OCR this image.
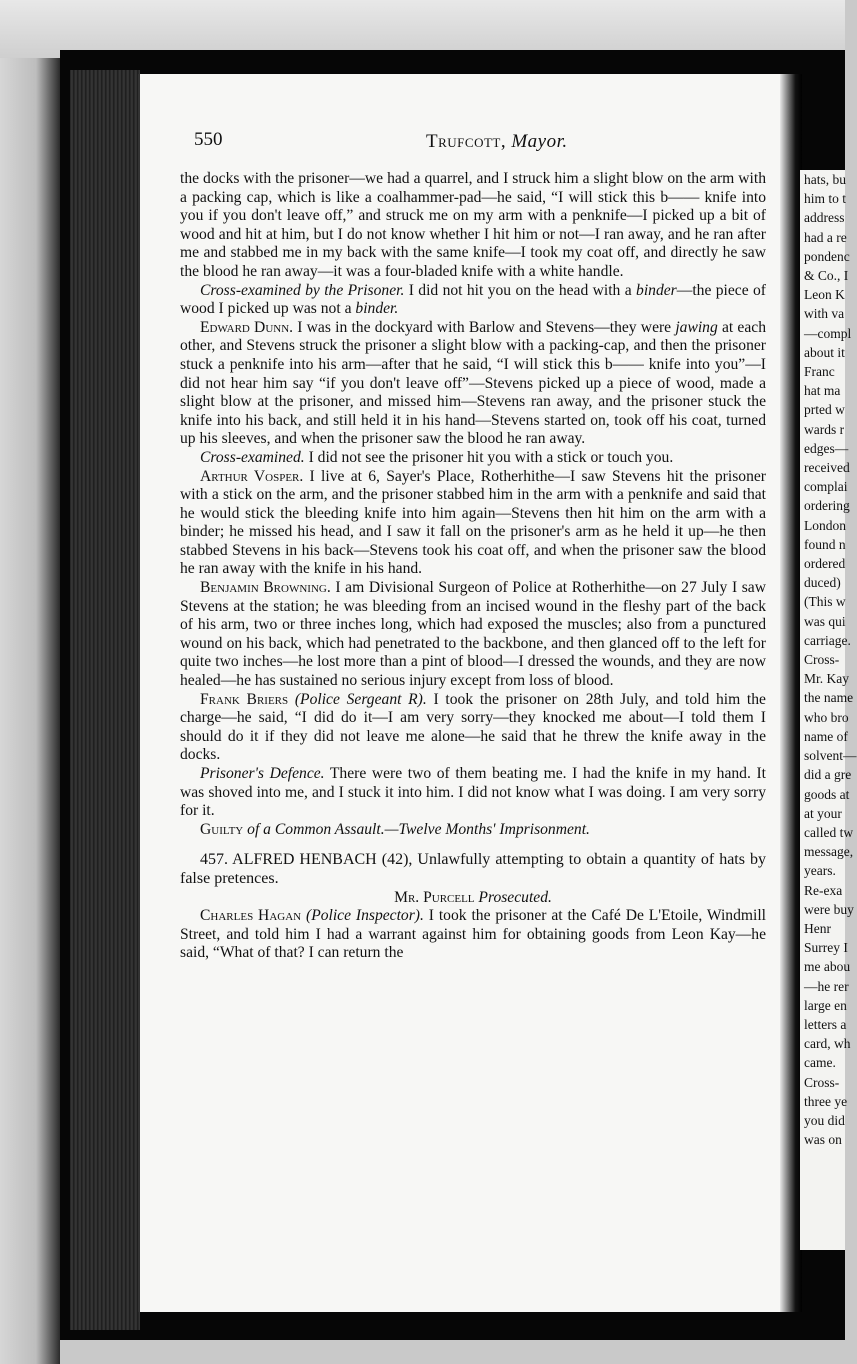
hats, bu
him to t
address
had a re
pondenc
& Co., I
Leon K
with va
—compl
about it
Franc
hat ma
prted w
wards r
edges—
received
complai
ordering
London
found n
ordered
duced)
(This w
was qui
carriage.
Cross-
Mr. Kay
the name
who bro
name of
solvent—
did a gre
goods at
at your
called tw
message,
years.
Re-exa
were buy
Henr
Surrey I
me abou
—he rer
large en
letters a
card, wh
came.
Cross-
three ye
you did
was on
550	Trufcott, Mayor.

the docks with the prisoner—we had a quarrel, and I struck him a slight blow on the arm with a packing cap, which is like a coalhammer-pad—he said, “I will stick this b—— knife into you if you don't leave off,” and struck me on my arm with a penknife—I picked up a bit of wood and hit at him, but I do not know whether I hit him or not—I ran away, and he ran after me and stabbed me in my back with the same knife—I took my coat off, and directly he saw the blood he ran away—it was a four-bladed knife with a white handle.

Cross-examined by the Prisoner. I did not hit you on the head with a binder—the piece of wood I picked up was not a binder.

Edward Dunn. I was in the dockyard with Barlow and Stevens—they were jawing at each other, and Stevens struck the prisoner a slight blow with a packing-cap, and then the prisoner stuck a penknife into his arm—after that he said, “I will stick this b—— knife into you”—I did not hear him say “if you don't leave off”—Stevens picked up a piece of wood, made a slight blow at the prisoner, and missed him—Stevens ran away, and the prisoner stuck the knife into his back, and still held it in his hand—Stevens started on, took off his coat, turned up his sleeves, and when the prisoner saw the blood he ran away.

Cross-examined. I did not see the prisoner hit you with a stick or touch you.

Arthur Vosper. I live at 6, Sayer's Place, Rotherhithe—I saw Stevens hit the prisoner with a stick on the arm, and the prisoner stabbed him in the arm with a penknife and said that he would stick the bleeding knife into him again—Stevens then hit him on the arm with a binder; he missed his head, and I saw it fall on the prisoner's arm as he held it up—he then stabbed Stevens in his back—Stevens took his coat off, and when the prisoner saw the blood he ran away with the knife in his hand.

Benjamin Browning. I am Divisional Surgeon of Police at Rotherhithe—on 27 July I saw Stevens at the station; he was bleeding from an incised wound in the fleshy part of the back of his arm, two or three inches long, which had exposed the muscles; also from a punctured wound on his back, which had penetrated to the backbone, and then glanced off to the left for quite two inches—he lost more than a pint of blood—I dressed the wounds, and they are now healed—he has sustained no serious injury except from loss of blood.

Frank Briers (Police Sergeant R). I took the prisoner on 28th July, and told him the charge—he said, “I did do it—I am very sorry—they knocked me about—I told them I should do it if they did not leave me alone—he said that he threw the knife away in the docks.

Prisoner's Defence. There were two of them beating me. I had the knife in my hand. It was shoved into me, and I stuck it into him. I did not know what I was doing. I am very sorry for it.

Guilty of a Common Assault.—Twelve Months' Imprisonment.

457. ALFRED HENBACH (42), Unlawfully attempting to obtain a quantity of hats by false pretences.

Mr. Purcell Prosecuted.

Charles Hagan (Police Inspector). I took the prisoner at the Café De L'Etoile, Windmill Street, and told him I had a warrant against him for obtaining goods from Leon Kay—he said, “What of that? I can return the
